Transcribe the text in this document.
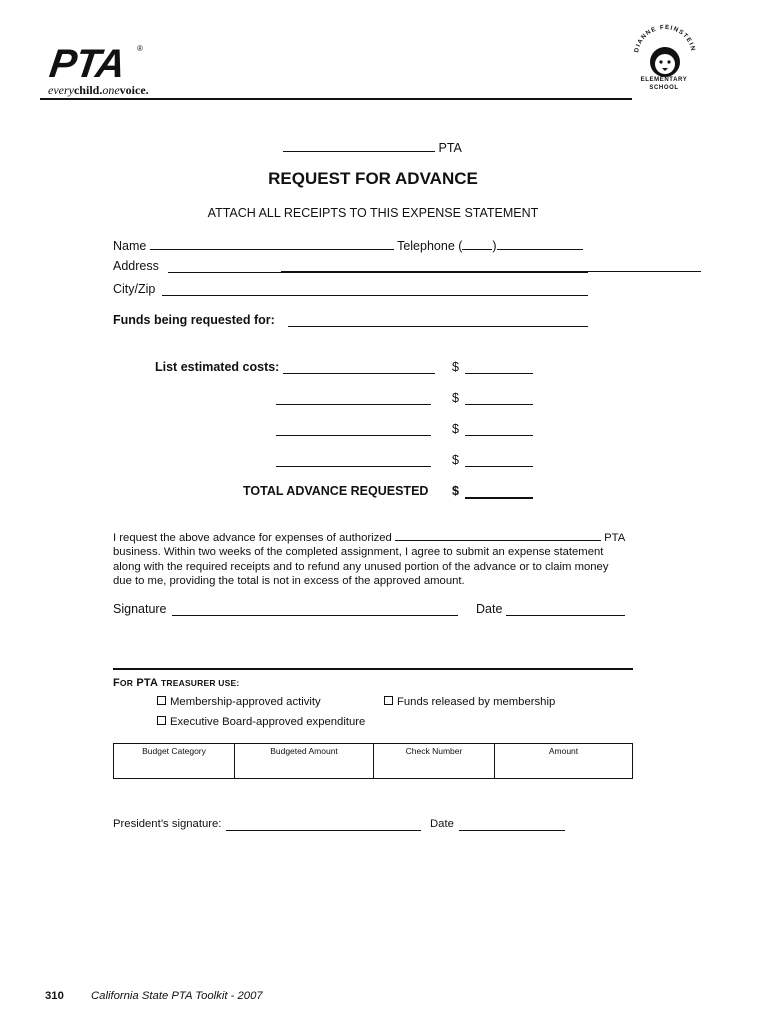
PTA ®
everychild.onevoice.
DIANNE FEINSTEIN
ELEMENTARY
SCHOOL
PTA
REQUEST FOR ADVANCE
ATTACH ALL RECEIPTS TO THIS EXPENSE STATEMENT
Name	Telephone ( )
Address
City/Zip
Funds being requested for:
List estimated costs:	$
$
$
$
TOTAL ADVANCE REQUESTED $
I request the above advance for expenses of authorized	PTA
business. Within two weeks of the completed assignment, I agree to submit an expense statement
along with the required receipts and to refund any unused portion of the advance or to claim money
due to me, providing the total is not in excess of the approved amount.
Signature	Date
FOR PTA TREASURER USE:
Membership-approved activity	Funds released by membership
Executive Board-approved expenditure
Budget Category	Budgeted Amount	Check Number	Amount
President’s signature:	Date
310 California State PTA Toolkit - 2007
